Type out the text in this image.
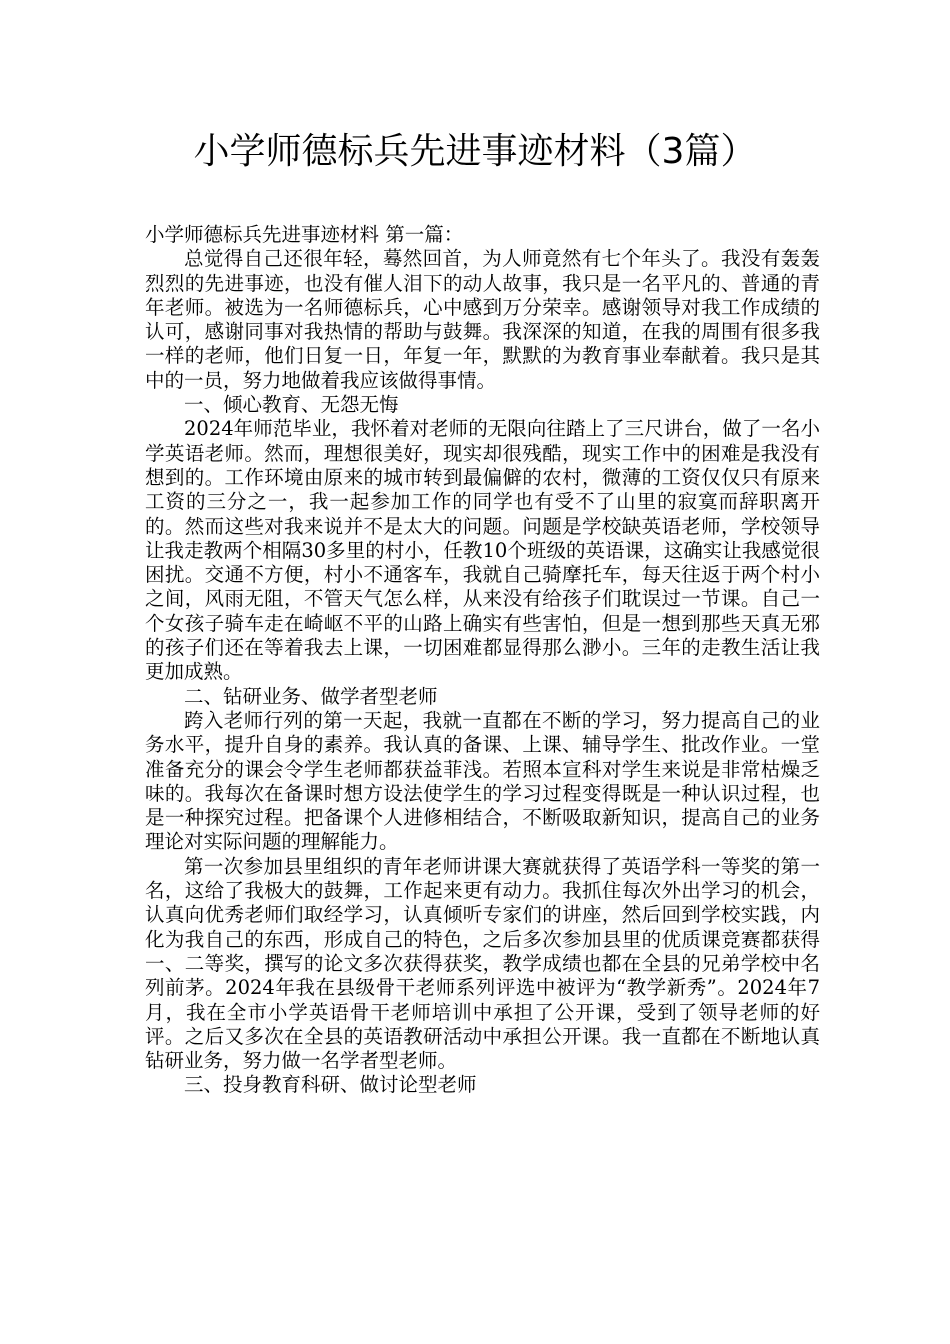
小学师德标兵先进事迹材料（3篇）

小学师德标兵先进事迹材料 第一篇：

总觉得自己还很年轻，蓦然回首，为人师竟然有七个年头了。我没有轰轰烈烈的先进事迹，也没有催人泪下的动人故事，我只是一名平凡的、普通的青年老师。被选为一名师德标兵，心中感到万分荣幸。感谢领导对我工作成绩的认可，感谢同事对我热情的帮助与鼓舞。我深深的知道，在我的周围有很多我一样的老师，他们日复一日，年复一年，默默的为教育事业奉献着。我只是其中的一员，努力地做着我应该做得事情。

一、倾心教育、无怨无悔

2024年师范毕业，我怀着对老师的无限向往踏上了三尺讲台，做了一名小学英语老师。然而，理想很美好，现实却很残酷，现实工作中的困难是我没有想到的。工作环境由原来的城市转到最偏僻的农村，微薄的工资仅仅只有原来工资的三分之一，我一起参加工作的同学也有受不了山里的寂寞而辞职离开的。然而这些对我来说并不是太大的问题。问题是学校缺英语老师，学校领导让我走教两个相隔30多里的村小，任教10个班级的英语课，这确实让我感觉很困扰。交通不方便，村小不通客车，我就自己骑摩托车，每天往返于两个村小之间，风雨无阻，不管天气怎么样，从来没有给孩子们耽误过一节课。自己一个女孩子骑车走在崎岖不平的山路上确实有些害怕，但是一想到那些天真无邪的孩子们还在等着我去上课，一切困难都显得那么渺小。三年的走教生活让我更加成熟。

二、钻研业务、做学者型老师

跨入老师行列的第一天起，我就一直都在不断的学习，努力提高自己的业务水平，提升自身的素养。我认真的备课、上课、辅导学生、批改作业。一堂准备充分的课会令学生老师都获益菲浅。若照本宣科对学生来说是非常枯燥乏味的。我每次在备课时想方设法使学生的学习过程变得既是一种认识过程，也是一种探究过程。把备课个人进修相结合，不断吸取新知识，提高自己的业务理论对实际问题的理解能力。

第一次参加县里组织的青年老师讲课大赛就获得了英语学科一等奖的第一名，这给了我极大的鼓舞，工作起来更有动力。我抓住每次外出学习的机会，认真向优秀老师们取经学习，认真倾听专家们的讲座，然后回到学校实践，内化为我自己的东西，形成自己的特色，之后多次参加县里的优质课竞赛都获得一、二等奖，撰写的论文多次获得获奖，教学成绩也都在全县的兄弟学校中名列前茅。2024年我在县级骨干老师系列评选中被评为“教学新秀”。2024年7月，我在全市小学英语骨干老师培训中承担了公开课，受到了领导老师的好评。之后又多次在全县的英语教研活动中承担公开课。我一直都在不断地认真钻研业务，努力做一名学者型老师。

三、投身教育科研、做讨论型老师
